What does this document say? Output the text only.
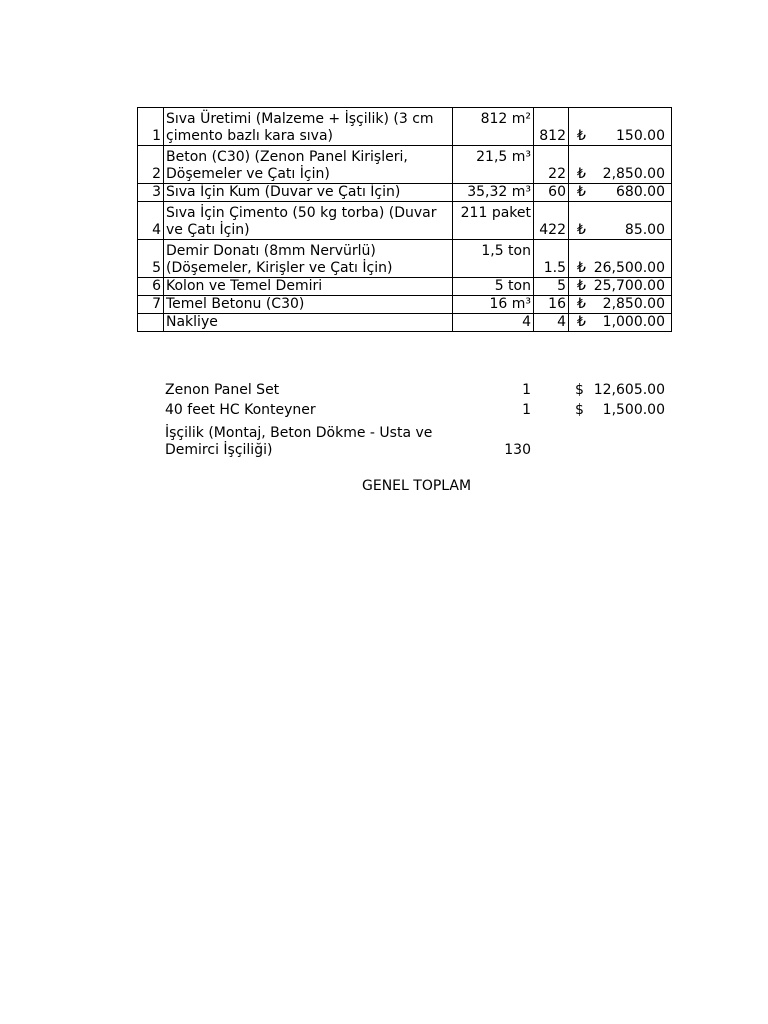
1	Sıva Üretimi (Malzeme + İşçilik) (3 cm çimento bazlı kara sıva)	812 m²	812	₺ 150.00

2	Beton (C30) (Zenon Panel Kirişleri, Döşemeler ve Çatı İçin)	21,5 m³	22	₺ 2,850.00

3	Sıva İçin Kum (Duvar ve Çatı İçin)	35,32 m³	60	₺ 680.00

4	Sıva İçin Çimento (50 kg torba) (Duvar ve Çatı İçin)	211 paket	422	₺ 85.00

5	Demir Donatı (8mm Nervürlü) (Döşemeler, Kirişler ve Çatı İçin)	1,5 ton	1.5	₺ 26,500.00

6	Kolon ve Temel Demiri	5 ton	5	₺ 25,700.00

7	Temel Betonu (C30)	16 m³	16	₺ 2,850.00

	Nakliye	4	4	₺ 1,000.00
Zenon Panel Set	1		$ 12,605.00

40 feet HC Konteyner	1		$ 1,500.00

İşçilik (Montaj, Beton Dökme - Usta ve Demirci İşçiliği)	130		
GENEL TOPLAM
